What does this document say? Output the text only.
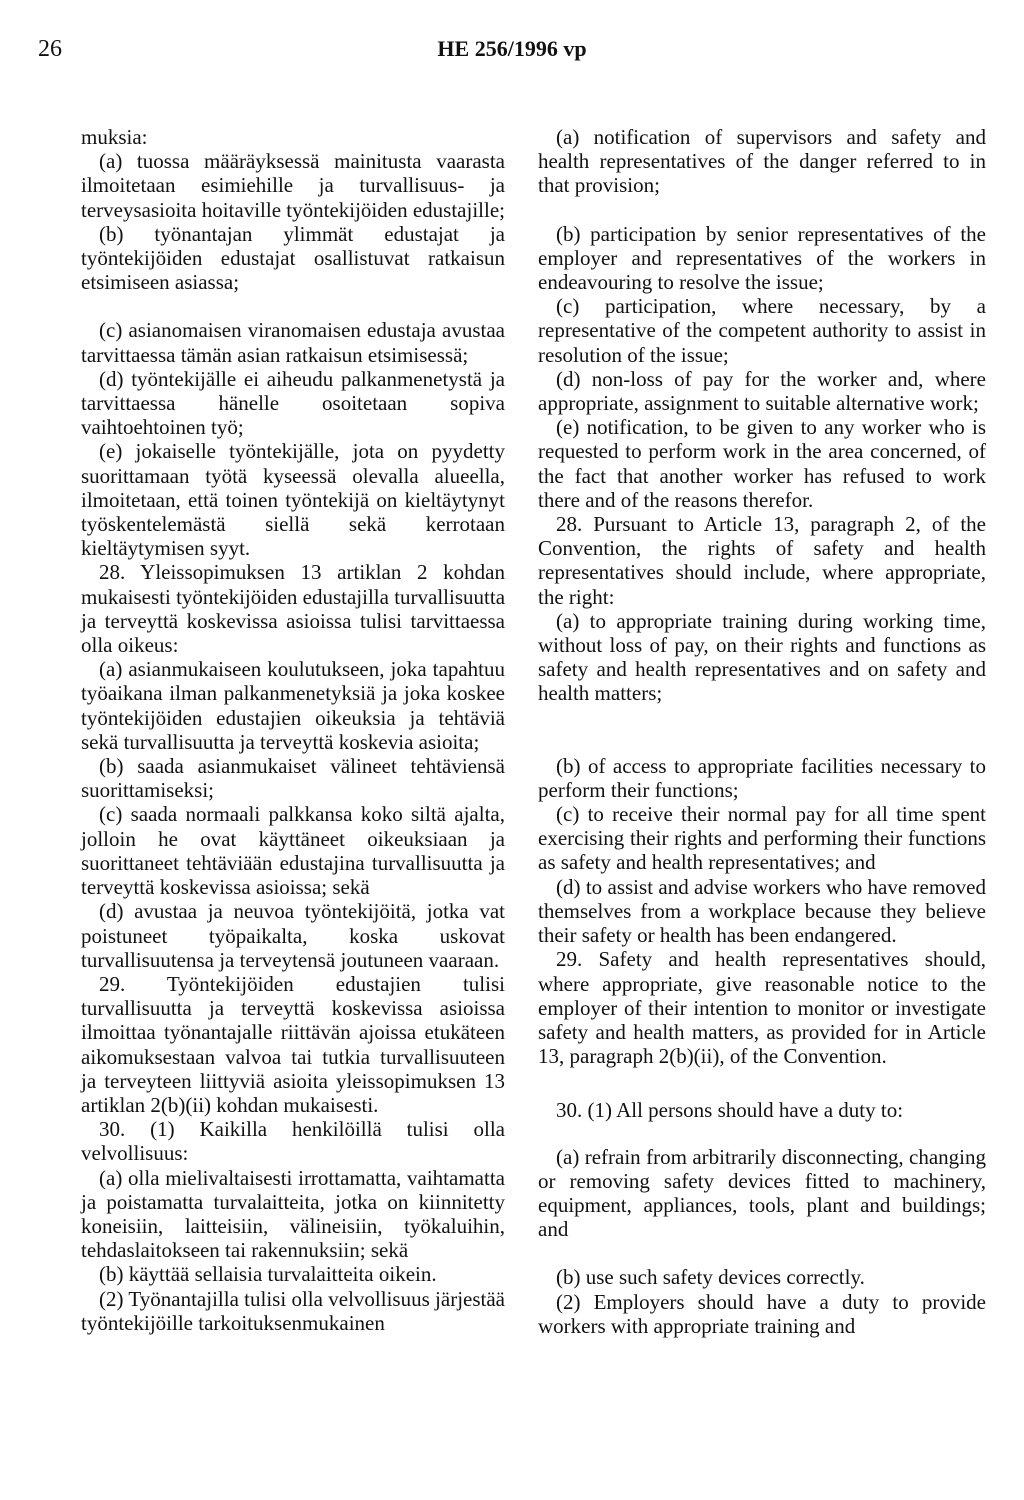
26	HE 256/1996 vp

muksia:

(a) tuossa määräyksessä mainitusta vaarasta ilmoitetaan esimiehille ja turvallisuus- ja terveysasioita hoitaville työntekijöiden edustajille;

(b) työnantajan ylimmät edustajat ja työntekijöiden edustajat osallistuvat ratkaisun etsimiseen asiassa;

(c) asianomaisen viranomaisen edustaja avustaa tarvittaessa tämän asian ratkaisun etsimisessä;

(d) työntekijälle ei aiheudu palkanmenetystä ja tarvittaessa hänelle osoitetaan sopiva vaihtoehtoinen työ;

(e) jokaiselle työntekijälle, jota on pyydetty suorittamaan työtä kyseessä olevalla alueella, ilmoitetaan, että toinen työntekijä on kieltäytynyt työskentelemästä siellä sekä kerrotaan kieltäytymisen syyt.

28. Yleissopimuksen 13 artiklan 2 kohdan mukaisesti työntekijöiden edustajilla turvallisuutta ja terveyttä koskevissa asioissa tulisi tarvittaessa olla oikeus:

(a) asianmukaiseen koulutukseen, joka tapahtuu työaikana ilman palkanmenetyksiä ja joka koskee työntekijöiden edustajien oikeuksia ja tehtäviä sekä turvallisuutta ja terveyttä koskevia asioita;

(b) saada asianmukaiset välineet tehtäviensä suorittamiseksi;

(c) saada normaali palkkansa koko siltä ajalta, jolloin he ovat käyttäneet oikeuksiaan ja suorittaneet tehtäviään edustajina turvallisuutta ja terveyttä koskevissa asioissa; sekä

(d) avustaa ja neuvoa työntekijöitä, jotka vat poistuneet työpaikalta, koska uskovat turvallisuutensa ja terveytensä joutuneen vaaraan.

29. Työntekijöiden edustajien tulisi turvallisuutta ja terveyttä koskevissa asioissa ilmoittaa työnantajalle riittävän ajoissa etukäteen aikomuksestaan valvoa tai tutkia turvallisuuteen ja terveyteen liittyviä asioita yleissopimuksen 13 artiklan 2(b)(ii) kohdan mukaisesti.

30. (1) Kaikilla henkilöillä tulisi olla velvollisuus:

(a) olla mielivaltaisesti irrottamatta, vaihtamatta ja poistamatta turvalaitteita, jotka on kiinnitetty koneisiin, laitteisiin, välineisiin, työkaluihin, tehdaslaitokseen tai rakennuksiin; sekä

(b) käyttää sellaisia turvalaitteita oikein.

(2) Työnantajilla tulisi olla velvollisuus järjestää työntekijöille tarkoituksenmukainen

(a) notification of supervisors and safety and health representatives of the danger referred to in that provision;

(b) participation by senior representatives of the employer and representatives of the workers in endeavouring to resolve the issue;

(c) participation, where necessary, by a representative of the competent authority to assist in resolution of the issue;

(d) non-loss of pay for the worker and, where appropriate, assignment to suitable alternative work;

(e) notification, to be given to any worker who is requested to perform work in the area concerned, of the fact that another worker has refused to work there and of the reasons therefor.

28. Pursuant to Article 13, paragraph 2, of the Convention, the rights of safety and health representatives should include, where appropriate, the right:

(a) to appropriate training during working time, without loss of pay, on their rights and functions as safety and health representatives and on safety and health matters;

(b) of access to appropriate facilities necessary to perform their functions;

(c) to receive their normal pay for all time spent exercising their rights and performing their functions as safety and health representatives; and

(d) to assist and advise workers who have removed themselves from a workplace because they believe their safety or health has been endangered.

29. Safety and health representatives should, where appropriate, give reasonable notice to the employer of their intention to monitor or investigate safety and health matters, as provided for in Article 13, paragraph 2(b)(ii), of the Convention.

30. (1) All persons should have a duty to:

(a) refrain from arbitrarily disconnecting, changing or removing safety devices fitted to machinery, equipment, appliances, tools, plant and buildings; and

(b) use such safety devices correctly.

(2) Employers should have a duty to provide workers with appropriate training and
